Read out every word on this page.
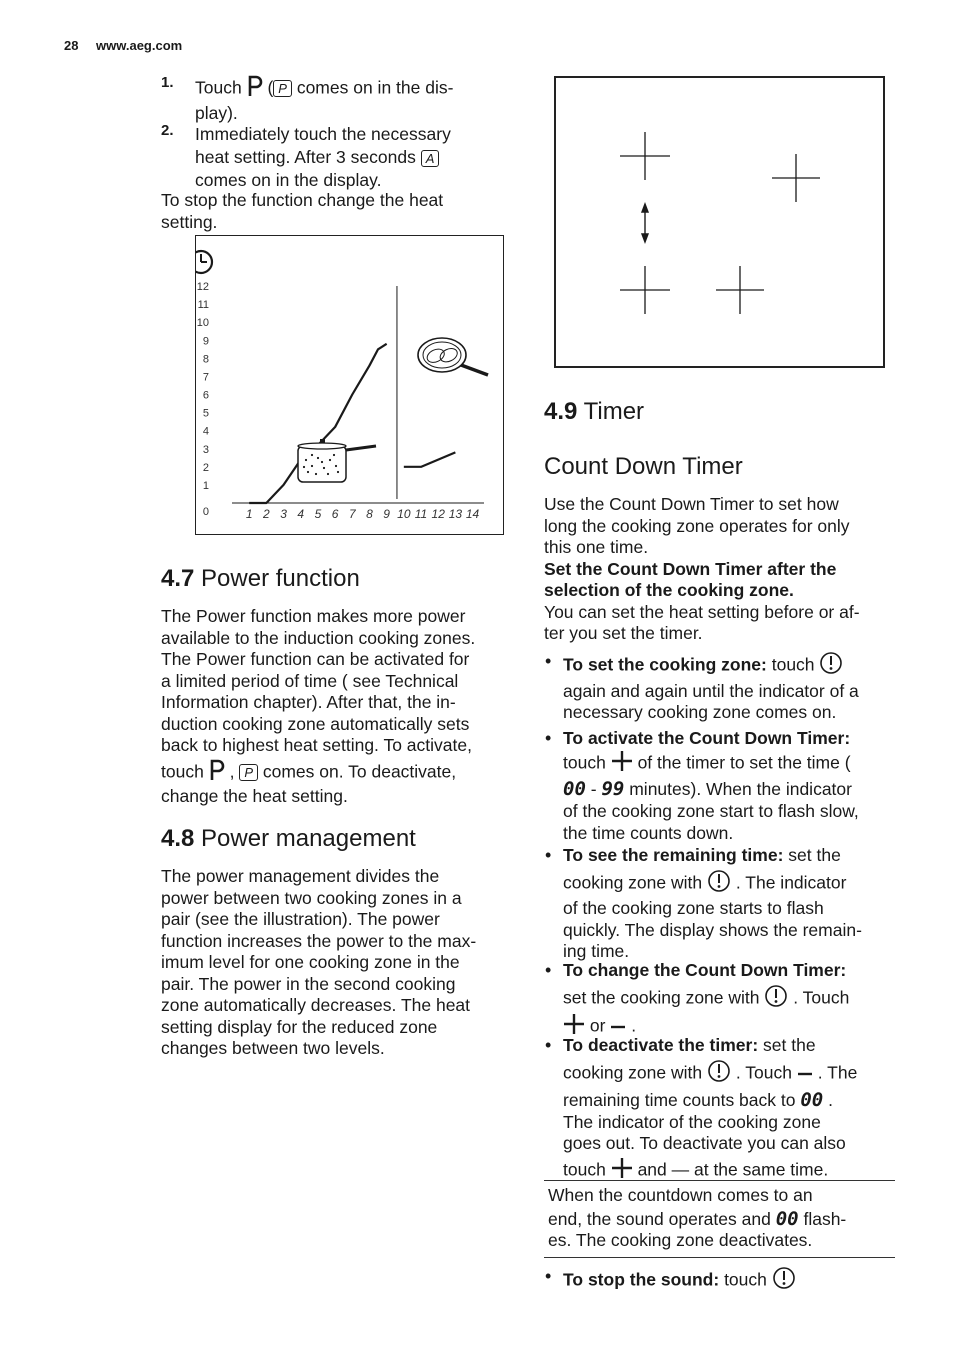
28 www.aeg.com
1. Touch ( P comes on in the dis-
play).
2. Immediately touch the necessary
heat setting. After 3 seconds A
comes on in the display.
To stop the function change the heat
setting.
0
1
2
3
4
5
6
7
8
9
10
11
12
1 2 3 4 5 6 7 8 9 10 11 12 13 14
4.7 Power function
The Power function makes more power
available to the induction cooking zones.
The Power function can be activated for
a limited period of time ( see Technical
Information chapter). After that, the in-
duction cooking zone automatically sets
back to highest heat setting. To activate,
touch , P comes on. To deactivate,
change the heat setting.
4.8 Power management
The power management divides the
power between two cooking zones in a
pair (see the illustration). The power
function increases the power to the max-
imum level for one cooking zone in the
pair. The power in the second cooking
zone automatically decreases. The heat
setting display for the reduced zone
changes between two levels.
4.9 Timer
Count Down Timer
Use the Count Down Timer to set how
long the cooking zone operates for only
this one time.
Set the Count Down Timer after the
selection of the cooking zone.
You can set the heat setting before or af-
ter you set the timer.
• To set the cooking zone: touch
again and again until the indicator of a
necessary cooking zone comes on.
• To activate the Count Down Timer:
touch of the timer to set the time (
00 - 99 minutes). When the indicator
of the cooking zone start to flash slow,
the time counts down.
• To see the remaining time: set the
cooking zone with . The indicator
of the cooking zone starts to flash
quickly. The display shows the remain-
ing time.
• To change the Count Down Timer:
set the cooking zone with . Touch
or .
• To deactivate the timer: set the
cooking zone with . Touch . The
remaining time counts back to 00 .
The indicator of the cooking zone
goes out. To deactivate you can also
touch and — at the same time.
When the countdown comes to an
end, the sound operates and 00 flash-
es. The cooking zone deactivates.
• To stop the sound: touch
